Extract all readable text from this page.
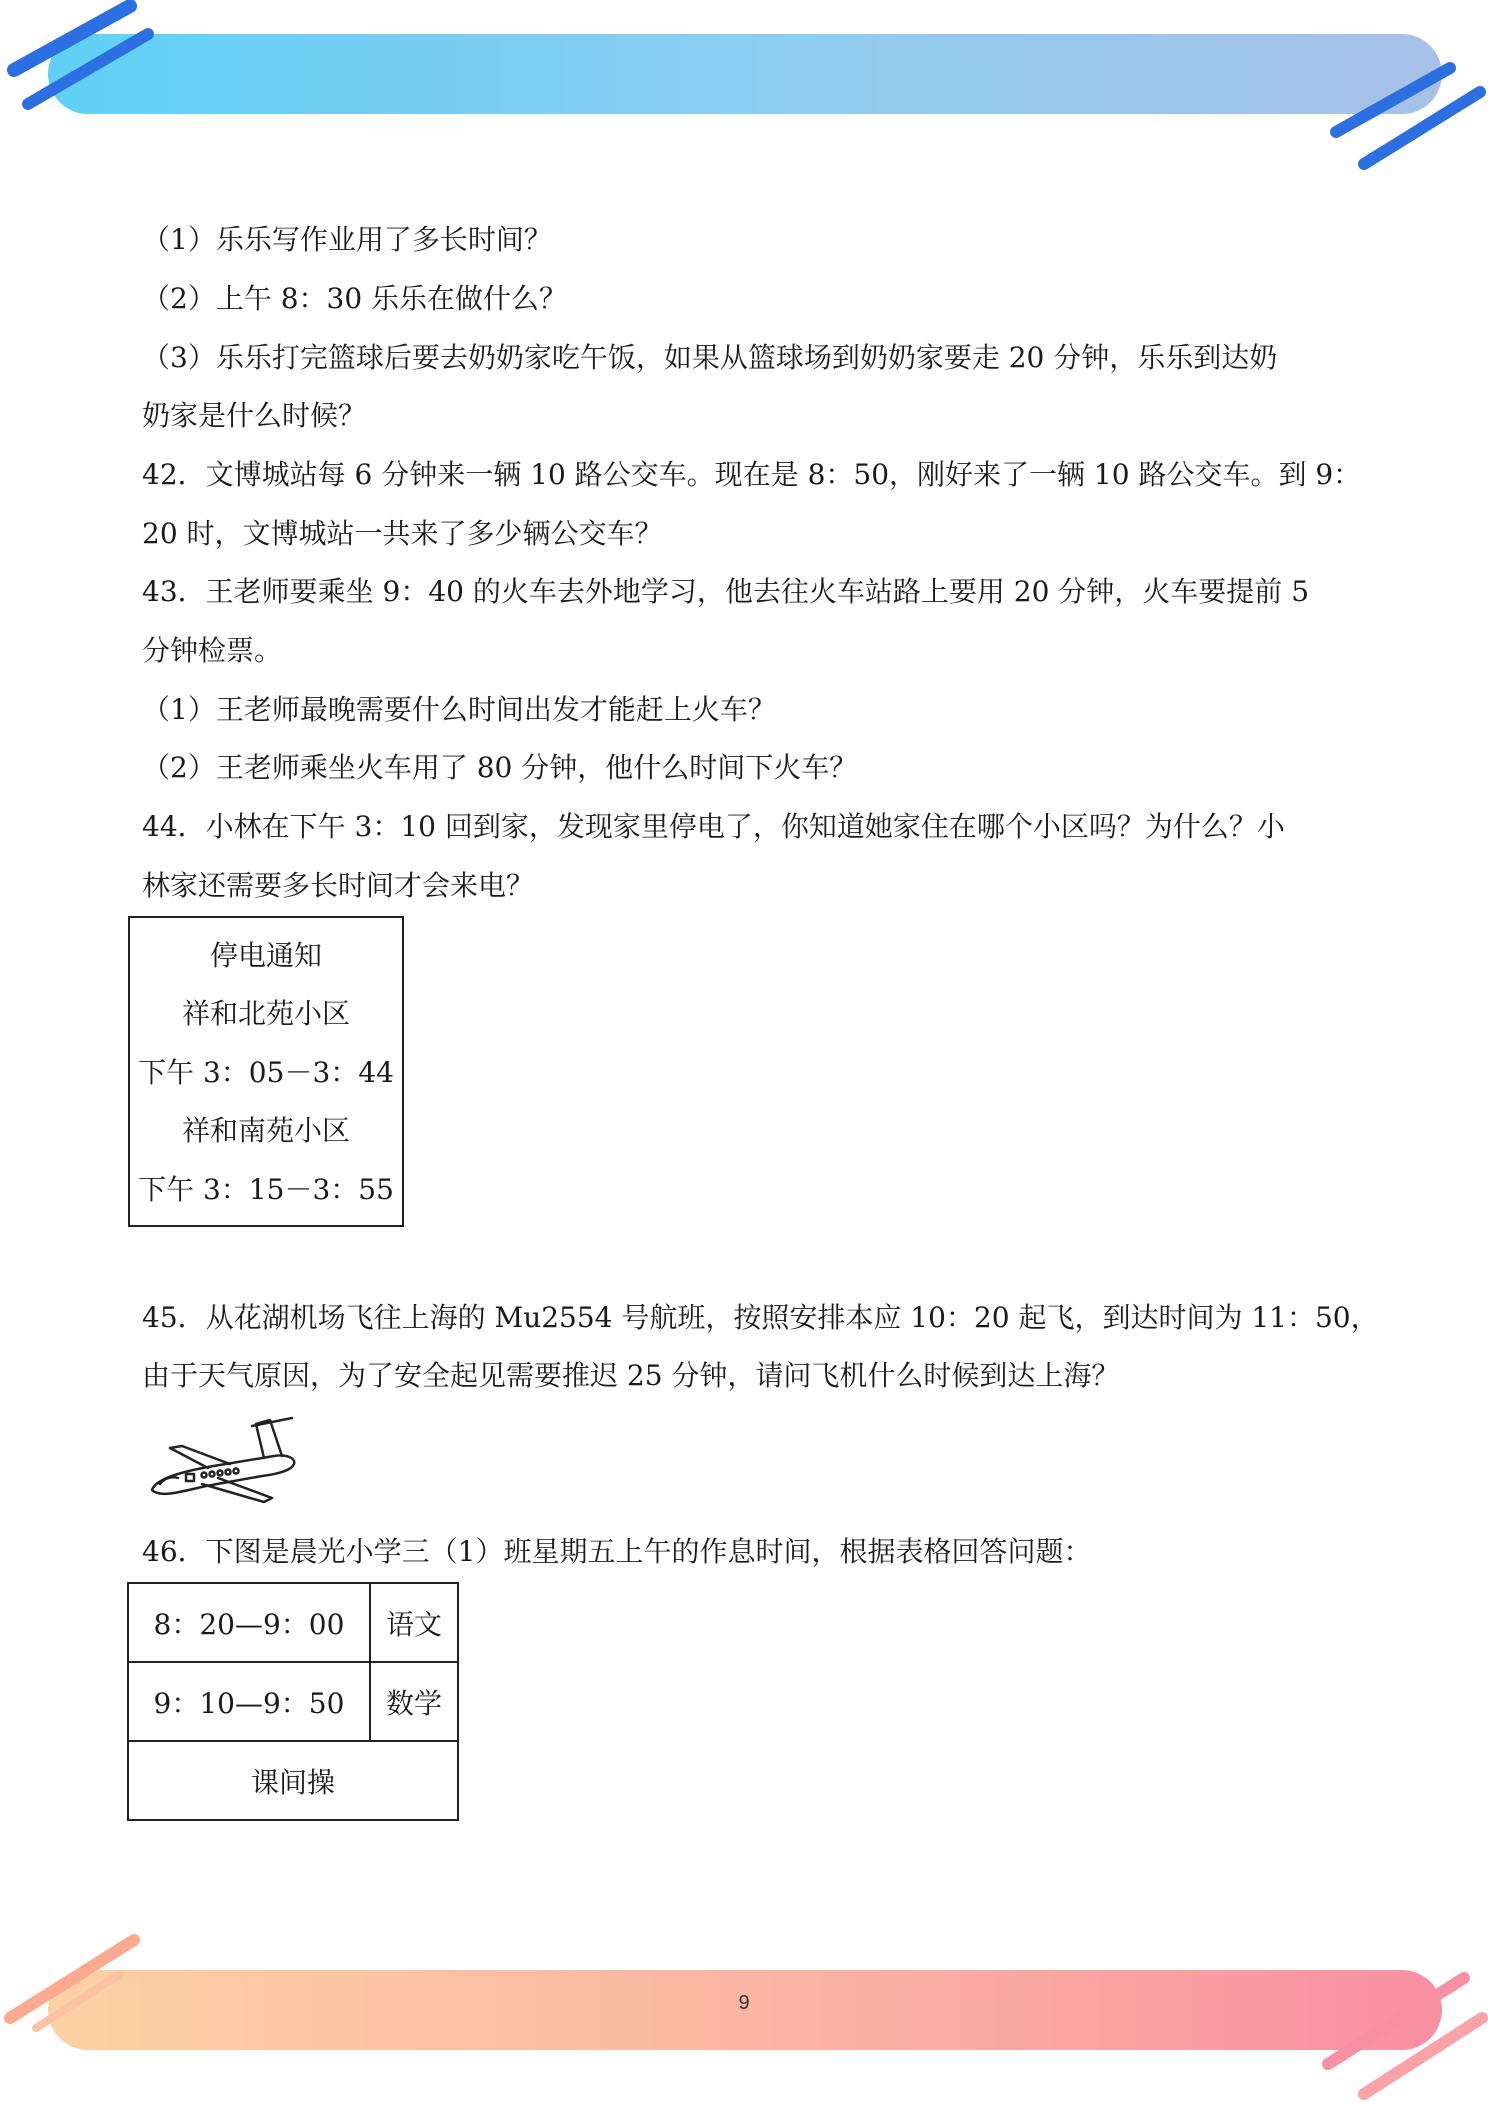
9
（1）乐乐写作业用了多长时间？
（2）上午 8：30 乐乐在做什么？
（3）乐乐打完篮球后要去奶奶家吃午饭，如果从篮球场到奶奶家要走 20 分钟，乐乐到达奶
奶家是什么时候？
42．文博城站每 6 分钟来一辆 10 路公交车。现在是 8：50，刚好来了一辆 10 路公交车。到 9：
20 时，文博城站一共来了多少辆公交车？
43．王老师要乘坐 9：40 的火车去外地学习，他去往火车站路上要用 20 分钟，火车要提前 5
分钟检票。
（1）王老师最晚需要什么时间出发才能赶上火车？
（2）王老师乘坐火车用了 80 分钟，他什么时间下火车？
44．小林在下午 3：10 回到家，发现家里停电了，你知道她家住在哪个小区吗？为什么？小
林家还需要多长时间才会来电？
45．从花湖机场飞往上海的 Mu2554 号航班，按照安排本应 10：20 起飞，到达时间为 11：50，
由于天气原因，为了安全起见需要推迟 25 分钟，请问飞机什么时候到达上海？
46．下图是晨光小学三（1）班星期五上午的作息时间，根据表格回答问题：
停电通知
祥和北苑小区
下午 3：05－3：44
祥和南苑小区
下午 3：15－3：55
8：20—9：00	语文
9：10—9：50	数学
课间操	
